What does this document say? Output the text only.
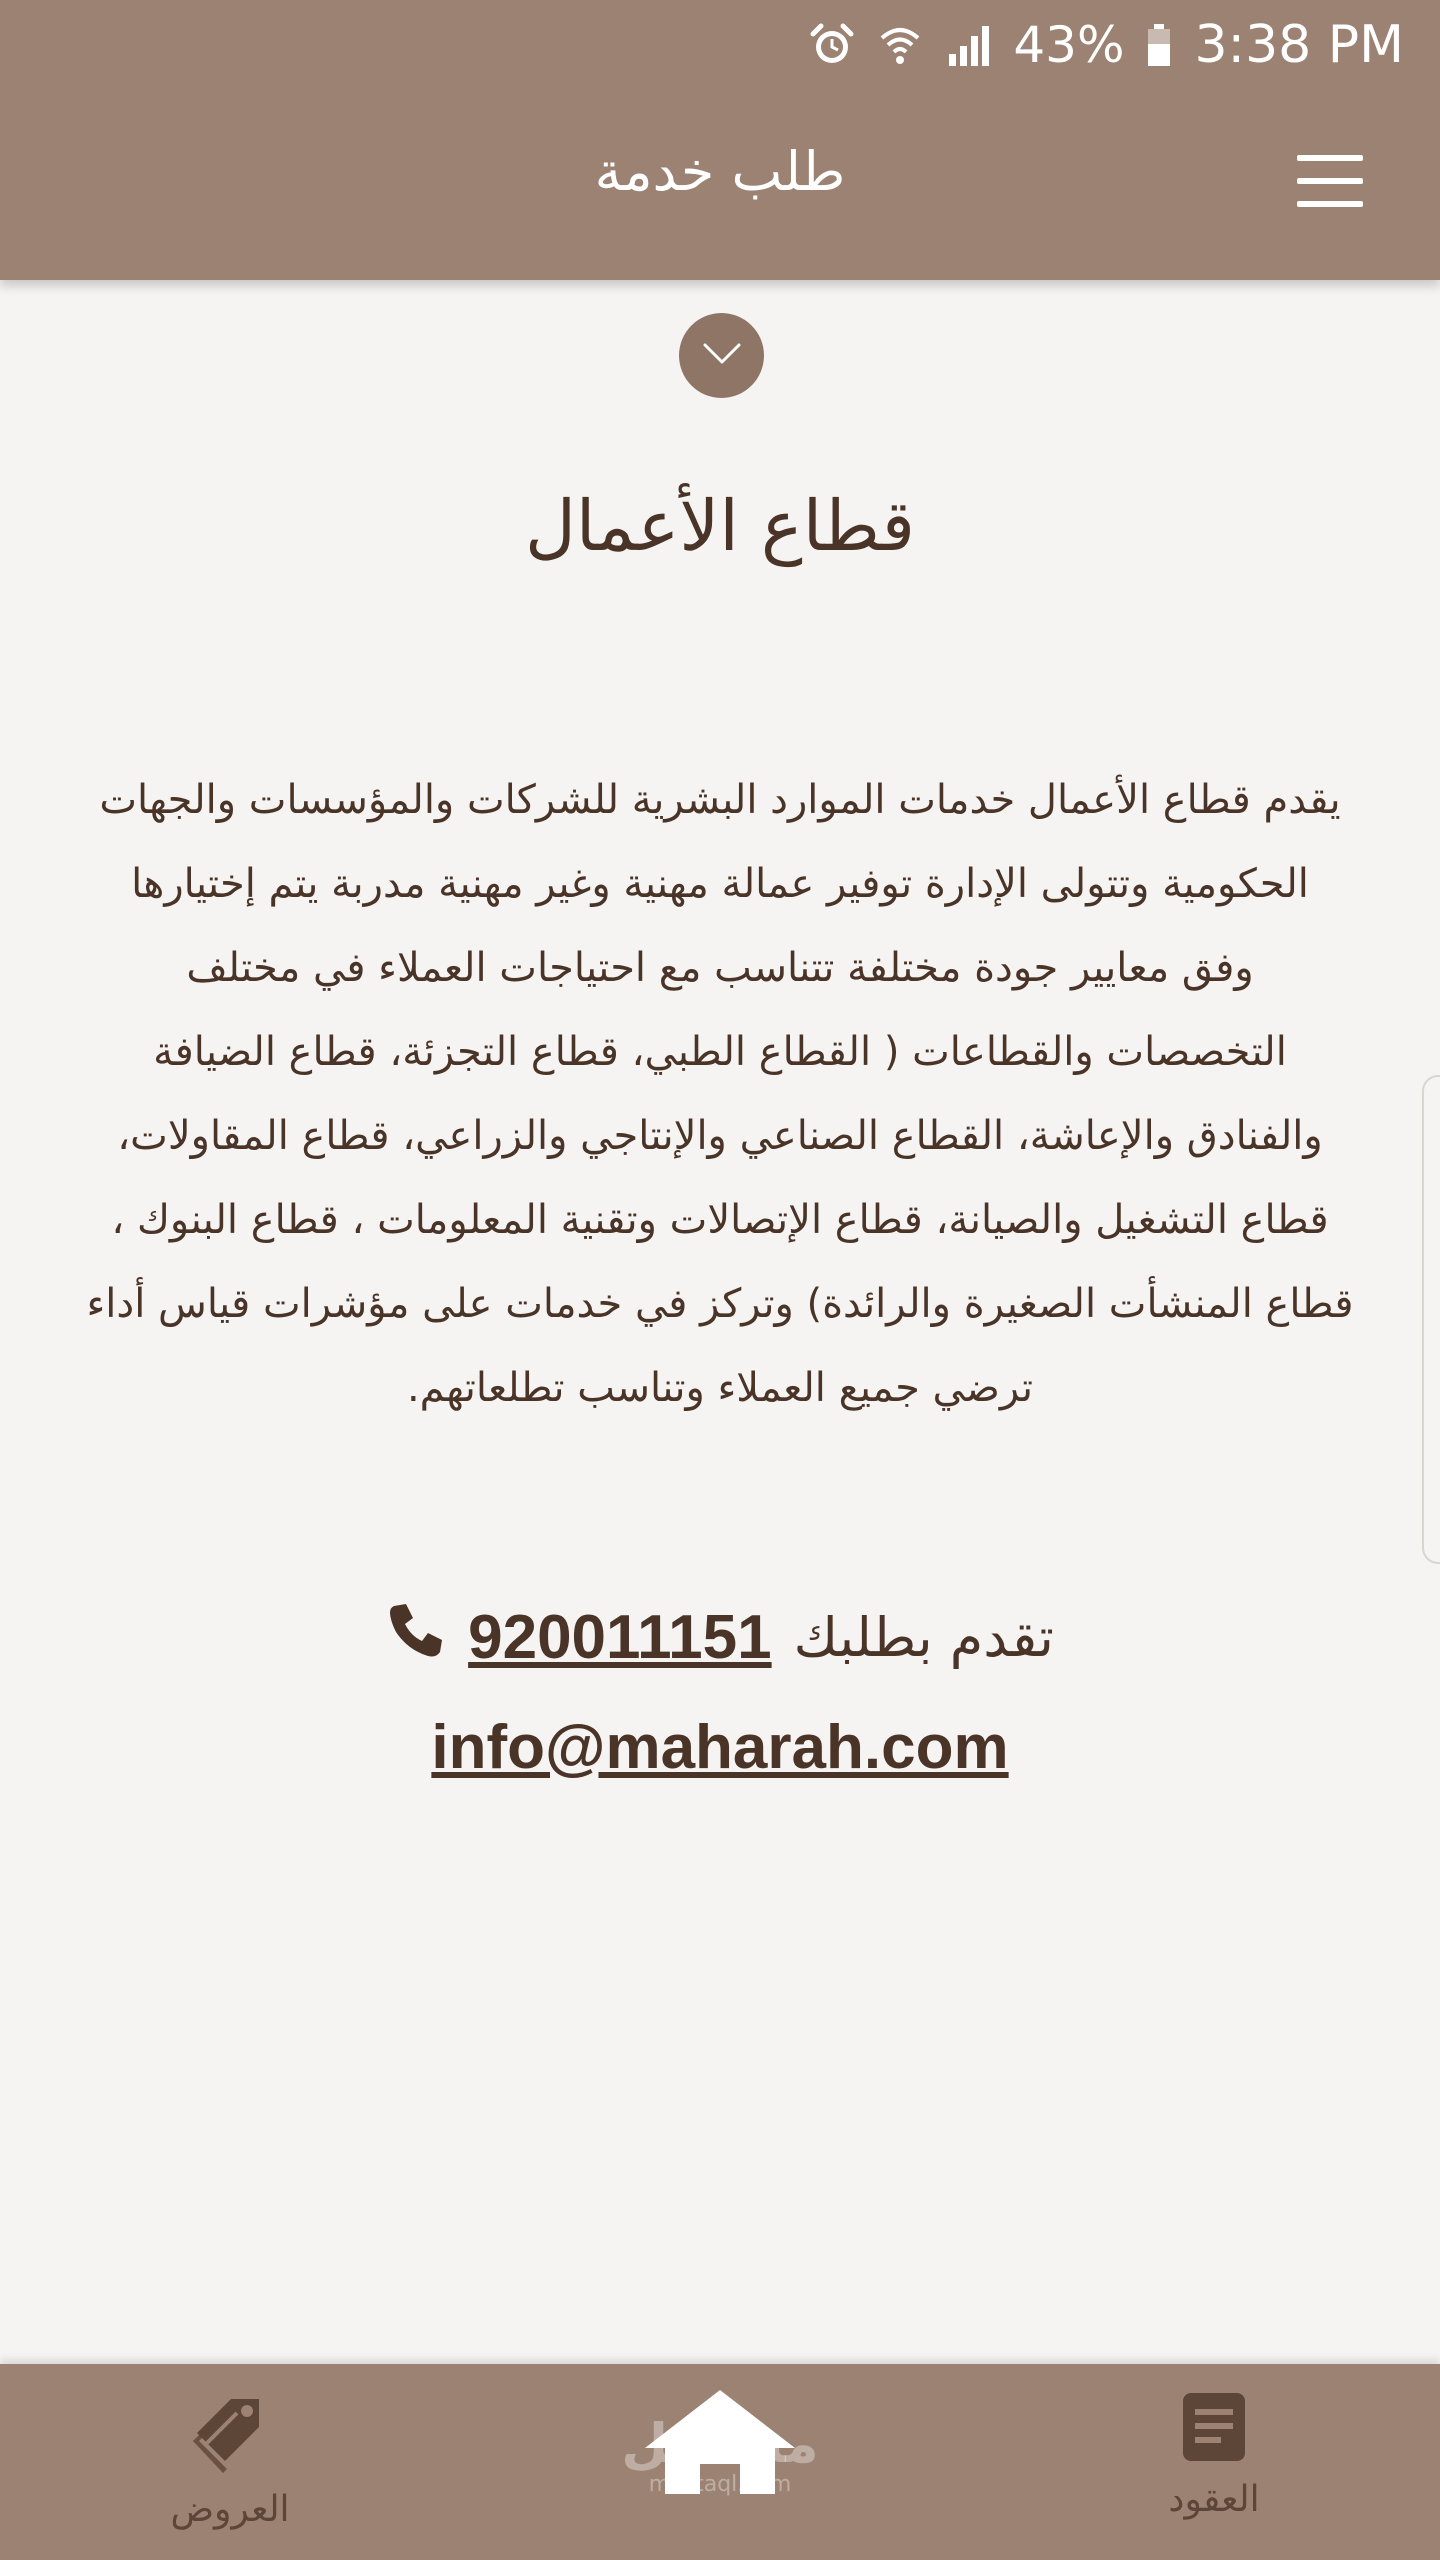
43% 3:38 PM
طلب خدمة
قطاع الأعمال
يقدم قطاع الأعمال خدمات الموارد البشرية للشركات والمؤسسات والجهات
الحكومية وتتولى الإدارة توفير عمالة مهنية وغير مهنية مدربة يتم إختيارها
وفق معايير جودة مختلفة تتناسب مع احتياجات العملاء في مختلف
التخصصات والقطاعات ( القطاع الطبي، قطاع التجزئة، قطاع الضيافة
والفنادق والإعاشة، القطاع الصناعي والإنتاجي والزراعي، قطاع المقاولات،
قطاع التشغيل والصيانة، قطاع الإتصالات وتقنية المعلومات ، قطاع البنوك ،
قطاع المنشأت الصغيرة والرائدة) وتركز في خدمات على مؤشرات قياس أداء
ترضي جميع العملاء وتناسب تطلعاتهم.
تقدم بطلبك
920011151
info@maharah.com
العروض	العقود
مستقل
mostaql.com
